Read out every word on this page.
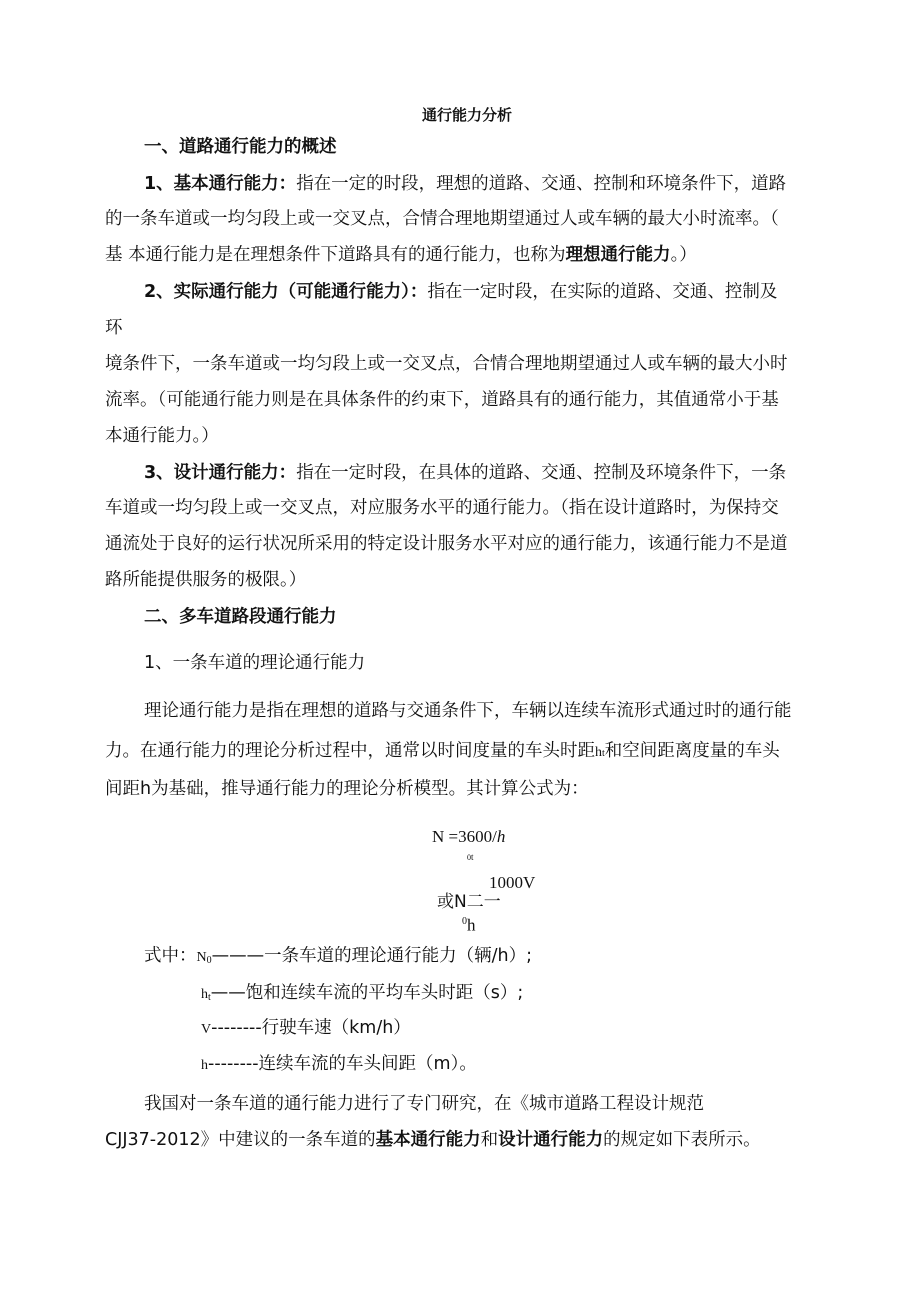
通行能力分析
一、道路通行能力的概述
1、基本通行能力：指在一定的时段，理想的道路、交通、控制和环境条件下，道路
的一条车道或一均匀段上或一交叉点，合情合理地期望通过人或车辆的最大小时流率。（
基 本通行能力是在理想条件下道路具有的通行能力，也称为理想通行能力。）
2、实际通行能力（可能通行能力）：指在一定时段，在实际的道路、交通、控制及
环
境条件下，一条车道或一均匀段上或一交叉点，合情合理地期望通过人或车辆的最大小时
流率。（可能通行能力则是在具体条件的约束下，道路具有的通行能力，其值通常小于基
本通行能力。）
3、设计通行能力：指在一定时段，在具体的道路、交通、控制及环境条件下，一条
车道或一均匀段上或一交叉点，对应服务水平的通行能力。（指在设计道路时，为保持交
通流处于良好的运行状况所采用的特定设计服务水平对应的通行能力，该通行能力不是道
路所能提供服务的极限。）
二、多车道路段通行能力
1、一条车道的理论通行能力
理论通行能力是指在理想的道路与交通条件下，车辆以连续车流形式通过时的通行能
力。在通行能力的理论分析过程中，通常以时间度量的车头时距ht和空间距离度量的车头
间距h为基础，推导通行能力的理论分析模型。其计算公式为：
N =3600/h
0t
1000V
或N二一
$^0$h
式中：$N_0———$一条车道的理论通行能力（辆/h）;
$h_t——$饱和连续车流的平均车头时距（s）;
V--------行驶车速（km/h）
h--------连续车流的车头间距（m）。
我国对一条车道的通行能力进行了专门研究，在《城市道路工程设计规范
CJJ37-2012》中建议的一条车道的基本通行能力和设计通行能力的规定如下表所示。
